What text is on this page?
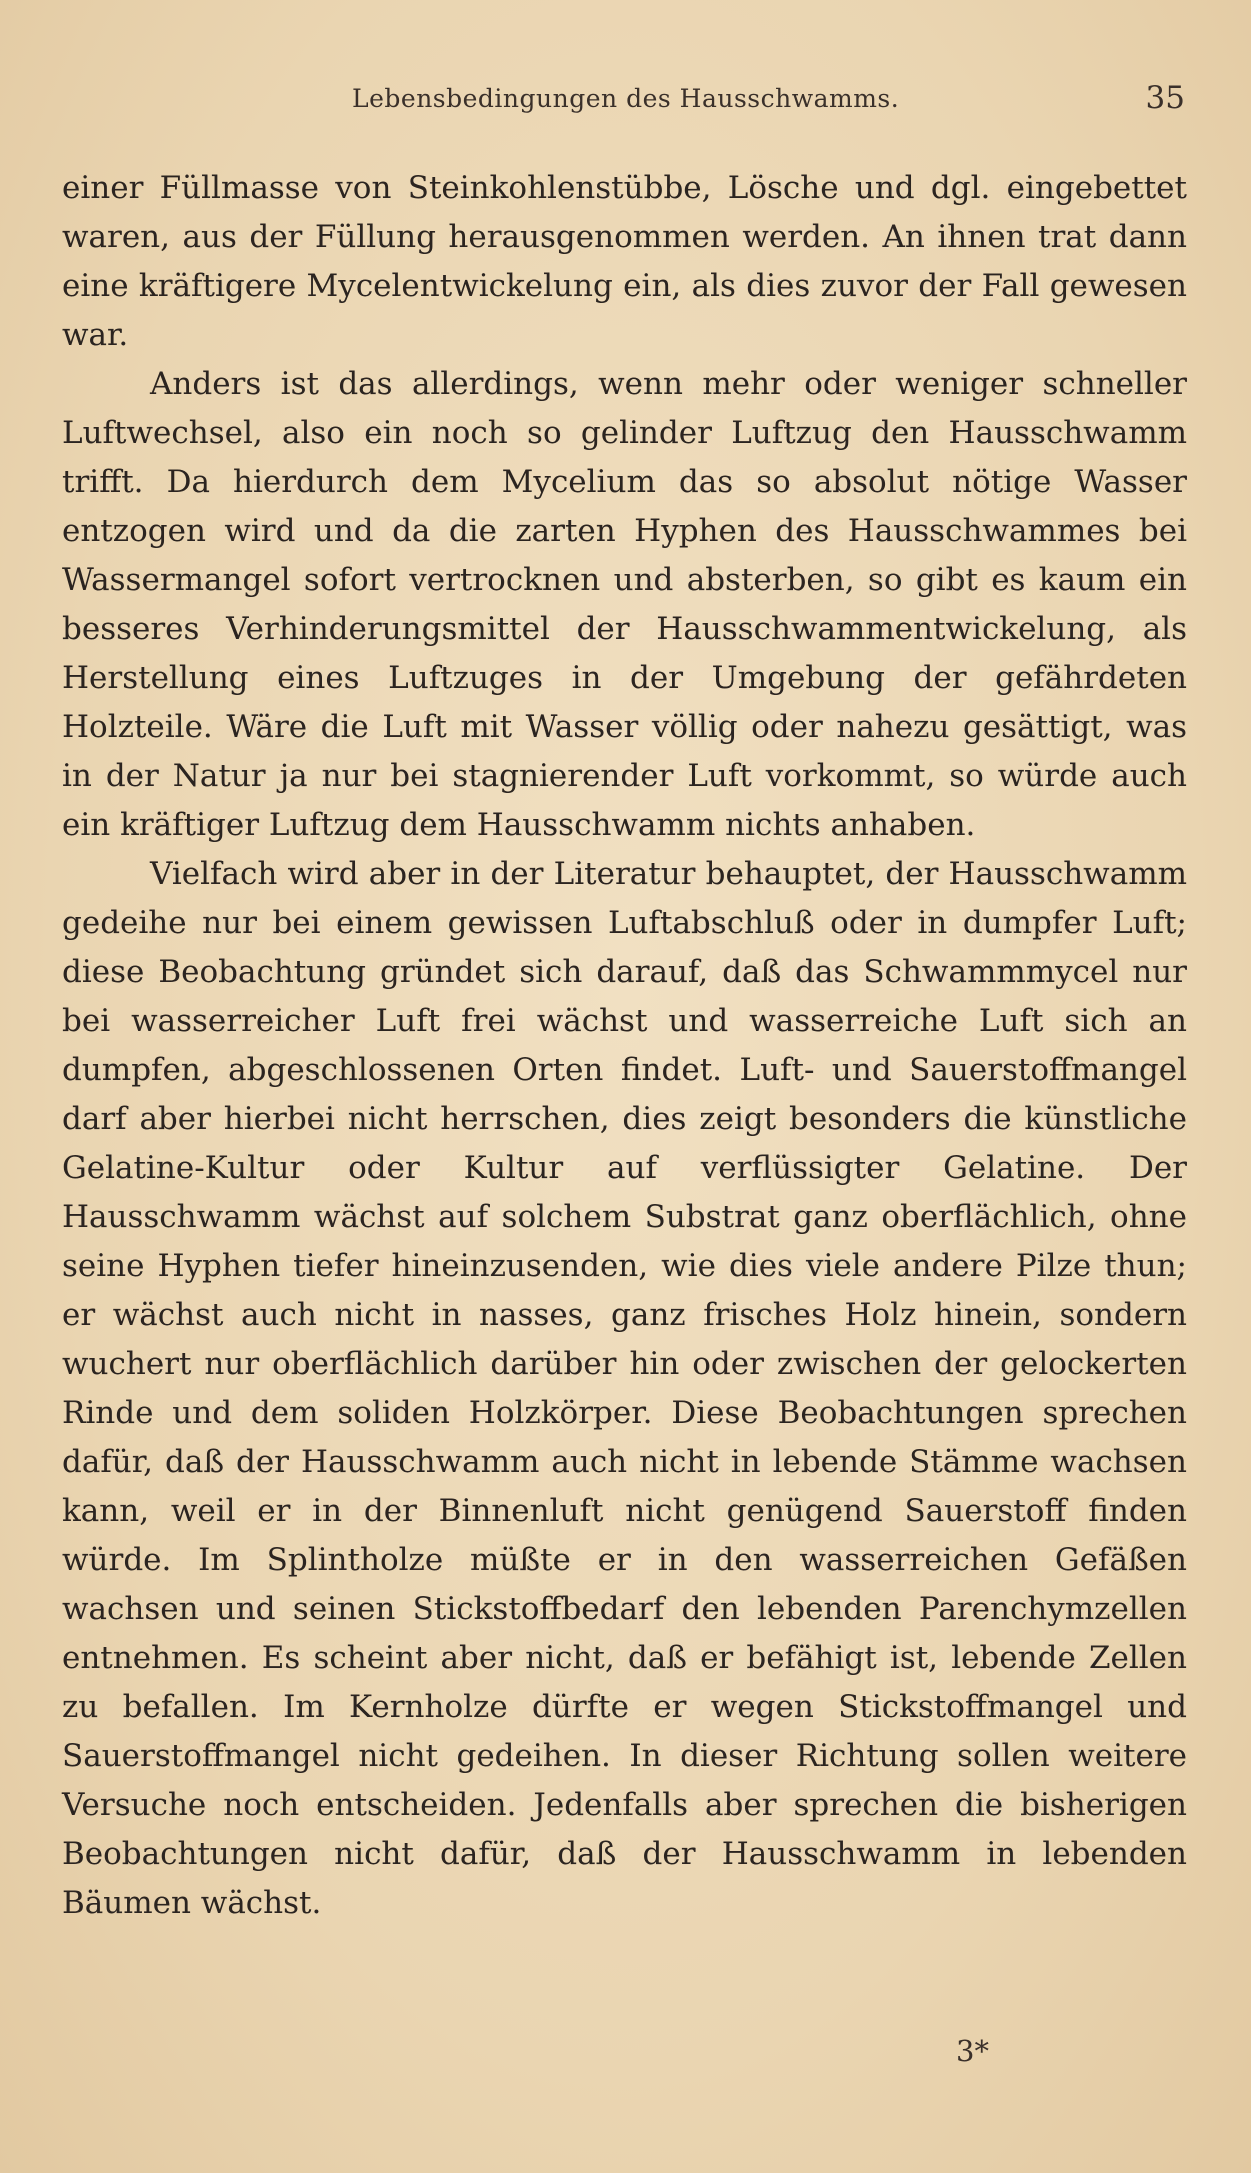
Lebensbedingungen des Hausschwamms.	35

einer Füllmasse von Steinkohlenstübbe, Lösche und dgl. eingebettet waren, aus der Füllung herausgenommen werden. An ihnen trat dann eine kräftigere Mycelentwickelung ein, als dies zuvor der Fall gewesen war.

Anders ist das allerdings, wenn mehr oder weniger schneller Luftwechsel, also ein noch so gelinder Luftzug den Hausschwamm trifft. Da hierdurch dem Mycelium das so absolut nötige Wasser entzogen wird und da die zarten Hyphen des Hausschwammes bei Wassermangel sofort vertrocknen und absterben, so gibt es kaum ein besseres Verhinderungsmittel der Hausschwammentwickelung, als Herstellung eines Luftzuges in der Umgebung der gefährdeten Holzteile. Wäre die Luft mit Wasser völlig oder nahezu gesättigt, was in der Natur ja nur bei stagnierender Luft vorkommt, so würde auch ein kräftiger Luftzug dem Hausschwamm nichts anhaben.

Vielfach wird aber in der Literatur behauptet, der Hausschwamm gedeihe nur bei einem gewissen Luftabschluß oder in dumpfer Luft; diese Beobachtung gründet sich darauf, daß das Schwammmycel nur bei wasserreicher Luft frei wächst und wasserreiche Luft sich an dumpfen, abgeschlossenen Orten findet. Luft- und Sauerstoffmangel darf aber hierbei nicht herrschen, dies zeigt besonders die künstliche Gelatine-Kultur oder Kultur auf verflüssigter Gelatine. Der Hausschwamm wächst auf solchem Substrat ganz oberflächlich, ohne seine Hyphen tiefer hineinzusenden, wie dies viele andere Pilze thun; er wächst auch nicht in nasses, ganz frisches Holz hinein, sondern wuchert nur oberflächlich darüber hin oder zwischen der gelockerten Rinde und dem soliden Holzkörper. Diese Beobachtungen sprechen dafür, daß der Hausschwamm auch nicht in lebende Stämme wachsen kann, weil er in der Binnenluft nicht genügend Sauerstoff finden würde. Im Splintholze müßte er in den wasserreichen Gefäßen wachsen und seinen Stickstoffbedarf den lebenden Parenchymzellen entnehmen. Es scheint aber nicht, daß er befähigt ist, lebende Zellen zu befallen. Im Kernholze dürfte er wegen Stickstoffmangel und Sauerstoffmangel nicht gedeihen. In dieser Richtung sollen weitere Versuche noch entscheiden. Jedenfalls aber sprechen die bisherigen Beobachtungen nicht dafür, daß der Hausschwamm in lebenden Bäumen wächst.

3*
